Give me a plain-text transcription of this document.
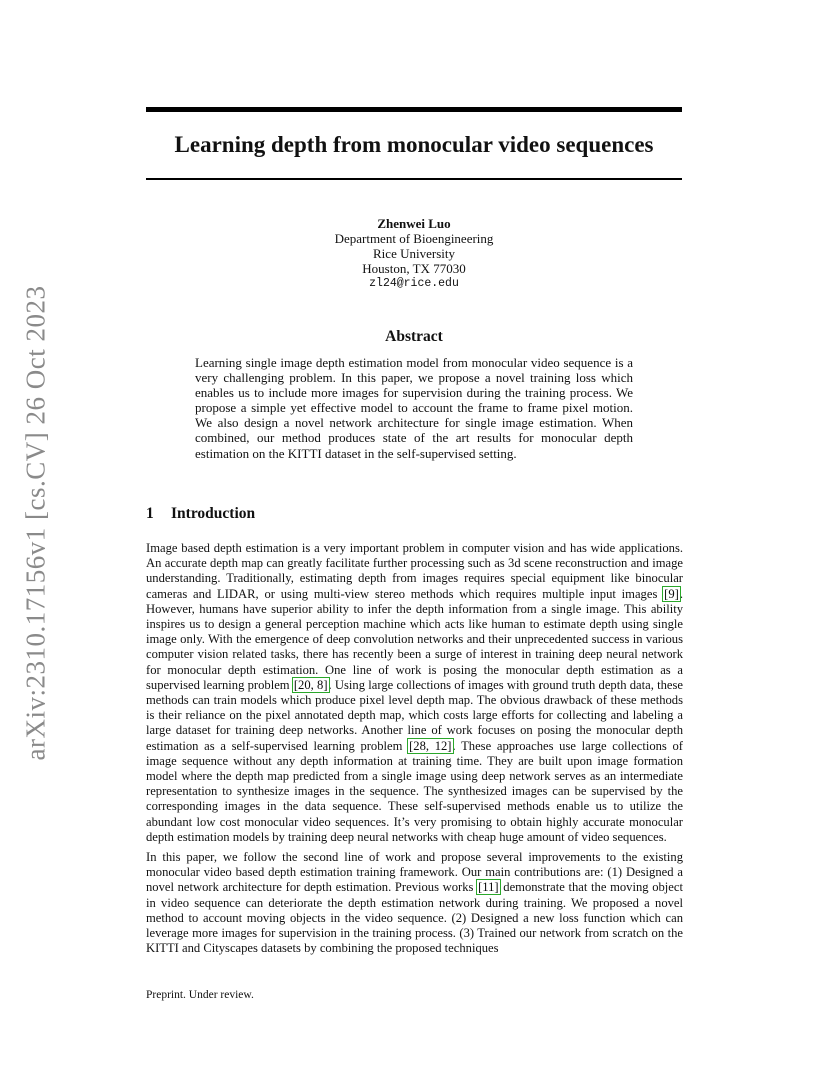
arXiv:2310.17156v1 [cs.CV] 26 Oct 2023
Learning depth from monocular video sequences
Zhenwei Luo
Department of Bioengineering
Rice University
Houston, TX 77030
zl24@rice.edu
Abstract

Learning single image depth estimation model from monocular video sequence is a very challenging problem. In this paper, we propose a novel training loss which enables us to include more images for supervision during the training process. We propose a simple yet effective model to account the frame to frame pixel motion. We also design a novel network architecture for single image estimation. When combined, our method produces state of the art results for monocular depth estimation on the KITTI dataset in the self-supervised setting.

1 Introduction

Image based depth estimation is a very important problem in computer vision and has wide applications. An accurate depth map can greatly facilitate further processing such as 3d scene reconstruction and image understanding. Traditionally, estimating depth from images requires special equipment like binocular cameras and LIDAR, or using multi-view stereo methods which requires multiple input images [9]. However, humans have superior ability to infer the depth information from a single image. This ability inspires us to design a general perception machine which acts like human to estimate depth using single image only. With the emergence of deep convolution networks and their unprecedented success in various computer vision related tasks, there has recently been a surge of interest in training deep neural network for monocular depth estimation. One line of work is posing the monocular depth estimation as a supervised learning problem [20, 8]. Using large collections of images with ground truth depth data, these methods can train models which produce pixel level depth map. The obvious drawback of these methods is their reliance on the pixel annotated depth map, which costs large efforts for collecting and labeling a large dataset for training deep networks. Another line of work focuses on posing the monocular depth estimation as a self-supervised learning problem [28, 12]. These approaches use large collections of image sequence without any depth information at training time. They are built upon image formation model where the depth map predicted from a single image using deep network serves as an intermediate representation to synthesize images in the sequence. The synthesized images can be supervised by the corresponding images in the data sequence. These self-supervised methods enable us to utilize the abundant low cost monocular video sequences. It’s very promising to obtain highly accurate monocular depth estimation models by training deep neural networks with cheap huge amount of video sequences.

In this paper, we follow the second line of work and propose several improvements to the existing monocular video based depth estimation training framework. Our main contributions are: (1) Designed a novel network architecture for depth estimation. Previous works [11] demonstrate that the moving object in video sequence can deteriorate the depth estimation network during training. We proposed a novel method to account moving objects in the video sequence. (2) Designed a new loss function which can leverage more images for supervision in the training process. (3) Trained our network from scratch on the KITTI and Cityscapes datasets by combining the proposed techniques

Preprint. Under review.
